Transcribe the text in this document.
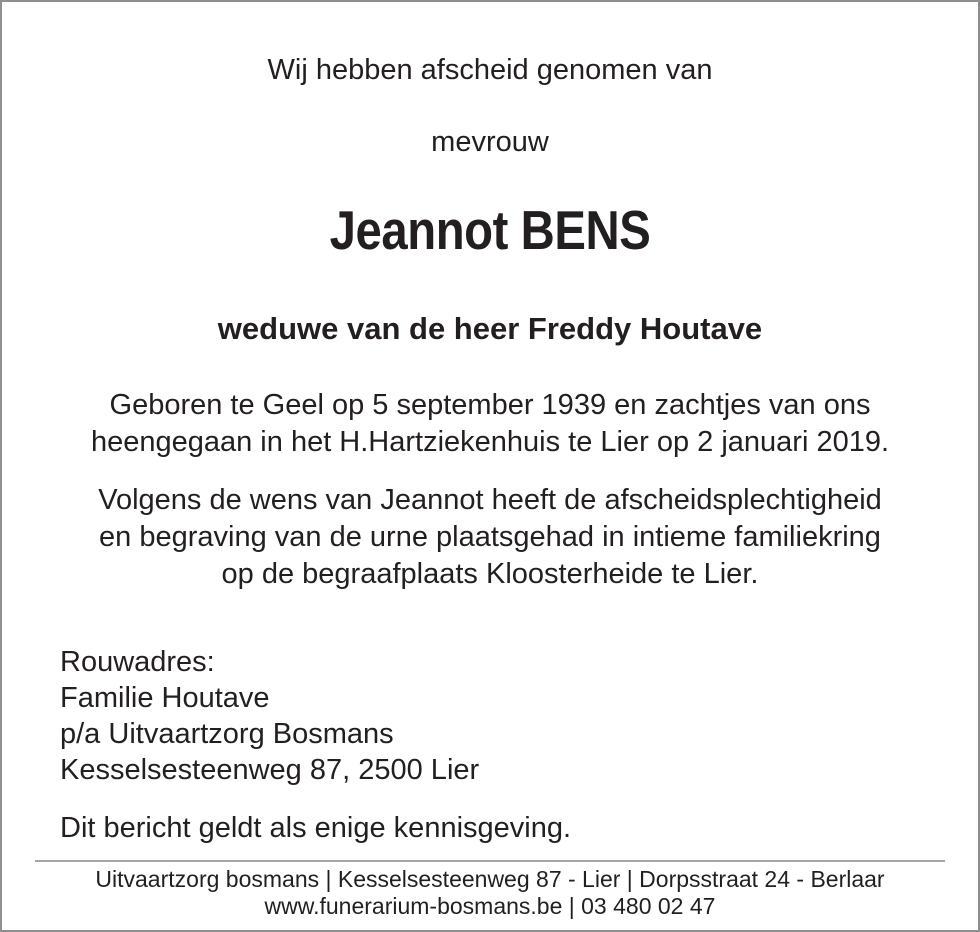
Wij hebben afscheid genomen van
mevrouw
Jeannot BENS
weduwe van de heer Freddy Houtave
Geboren te Geel op 5 september 1939 en zachtjes van ons
heengegaan in het H.Hartziekenhuis te Lier op 2 januari 2019.
Volgens de wens van Jeannot heeft de afscheidsplechtigheid
en begraving van de urne plaatsgehad in intieme familiekring
op de begraafplaats Kloosterheide te Lier.
Rouwadres:
Familie Houtave
p/a Uitvaartzorg Bosmans
Kesselsesteenweg 87, 2500 Lier
Dit bericht geldt als enige kennisgeving.
Uitvaartzorg bosmans | Kesselsesteenweg 87 - Lier | Dorpsstraat 24 - Berlaar
www.funerarium-bosmans.be | 03 480 02 47
